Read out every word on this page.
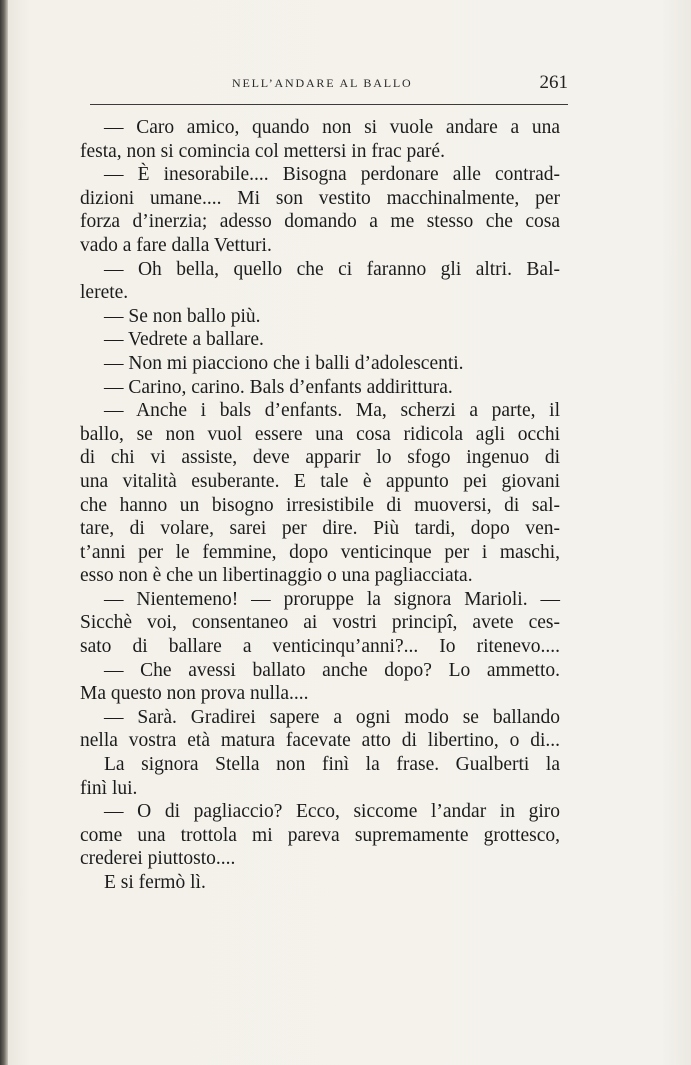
NELL’ANDARE AL BALLO	261
— Caro amico, quando non si vuole andare a una
festa, non si comincia col mettersi in frac paré.
— È inesorabile.... Bisogna perdonare alle contrad-
dizioni umane.... Mi son vestito macchinalmente, per
forza d’inerzia; adesso domando a me stesso che cosa
vado a fare dalla Vetturi.
— Oh bella, quello che ci faranno gli altri. Bal-
lerete.
— Se non ballo più.
— Vedrete a ballare.
— Non mi piacciono che i balli d’adolescenti.
— Carino, carino. Bals d’enfants addirittura.
— Anche i bals d’enfants. Ma, scherzi a parte, il
ballo, se non vuol essere una cosa ridicola agli occhi
di chi vi assiste, deve apparir lo sfogo ingenuo di
una vitalità esuberante. E tale è appunto pei giovani
che hanno un bisogno irresistibile di muoversi, di sal-
tare, di volare, sarei per dire. Più tardi, dopo ven-
t’anni per le femmine, dopo venticinque per i maschi,
esso non è che un libertinaggio o una pagliacciata.
— Nientemeno! — proruppe la signora Marioli. —
Sicchè voi, consentaneo ai vostri principî, avete ces-
sato di ballare a venticinqu’anni?... Io ritenevo....
— Che avessi ballato anche dopo? Lo ammetto.
Ma questo non prova nulla....
— Sarà. Gradirei sapere a ogni modo se ballando
nella vostra età matura facevate atto di libertino, o di...
La signora Stella non finì la frase. Gualberti la
finì lui.
— O di pagliaccio? Ecco, siccome l’andar in giro
come una trottola mi pareva supremamente grottesco,
crederei piuttosto....
E si fermò lì.
